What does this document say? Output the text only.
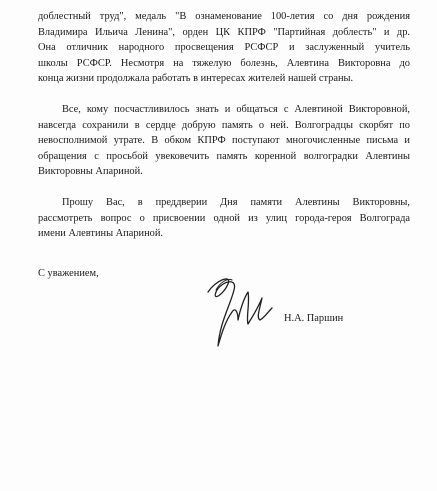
доблестный труд", медаль "В ознаменование 100-летия со дня рождения
Владимира Ильича Ленина", орден ЦК КПРФ "Партийная доблесть" и др.
Она отличник народного просвещения РСФСР и заслуженный учитель
школы РСФСР. Несмотря на тяжелую болезнь, Алевтина Викторовна до
конца жизни продолжала работать в интересах жителей нашей страны.
Все, кому посчастливилось знать и общаться с Алевтиной Викторовной,
навсегда сохранили в сердце добрую память о ней. Волгоградцы скорбят по
невосполнимой утрате. В обком КПРФ поступают многочисленные письма и
обращения с просьбой увековечить память коренной волгоградки Алевтины
Викторовны Апариной.
Прошу Вас, в преддверии Дня памяти Алевтины Викторовны,
рассмотреть вопрос о присвоении одной из улиц города-героя Волгограда
имени Алевтины Апариной.

С уважением,

Н.А. Паршин
